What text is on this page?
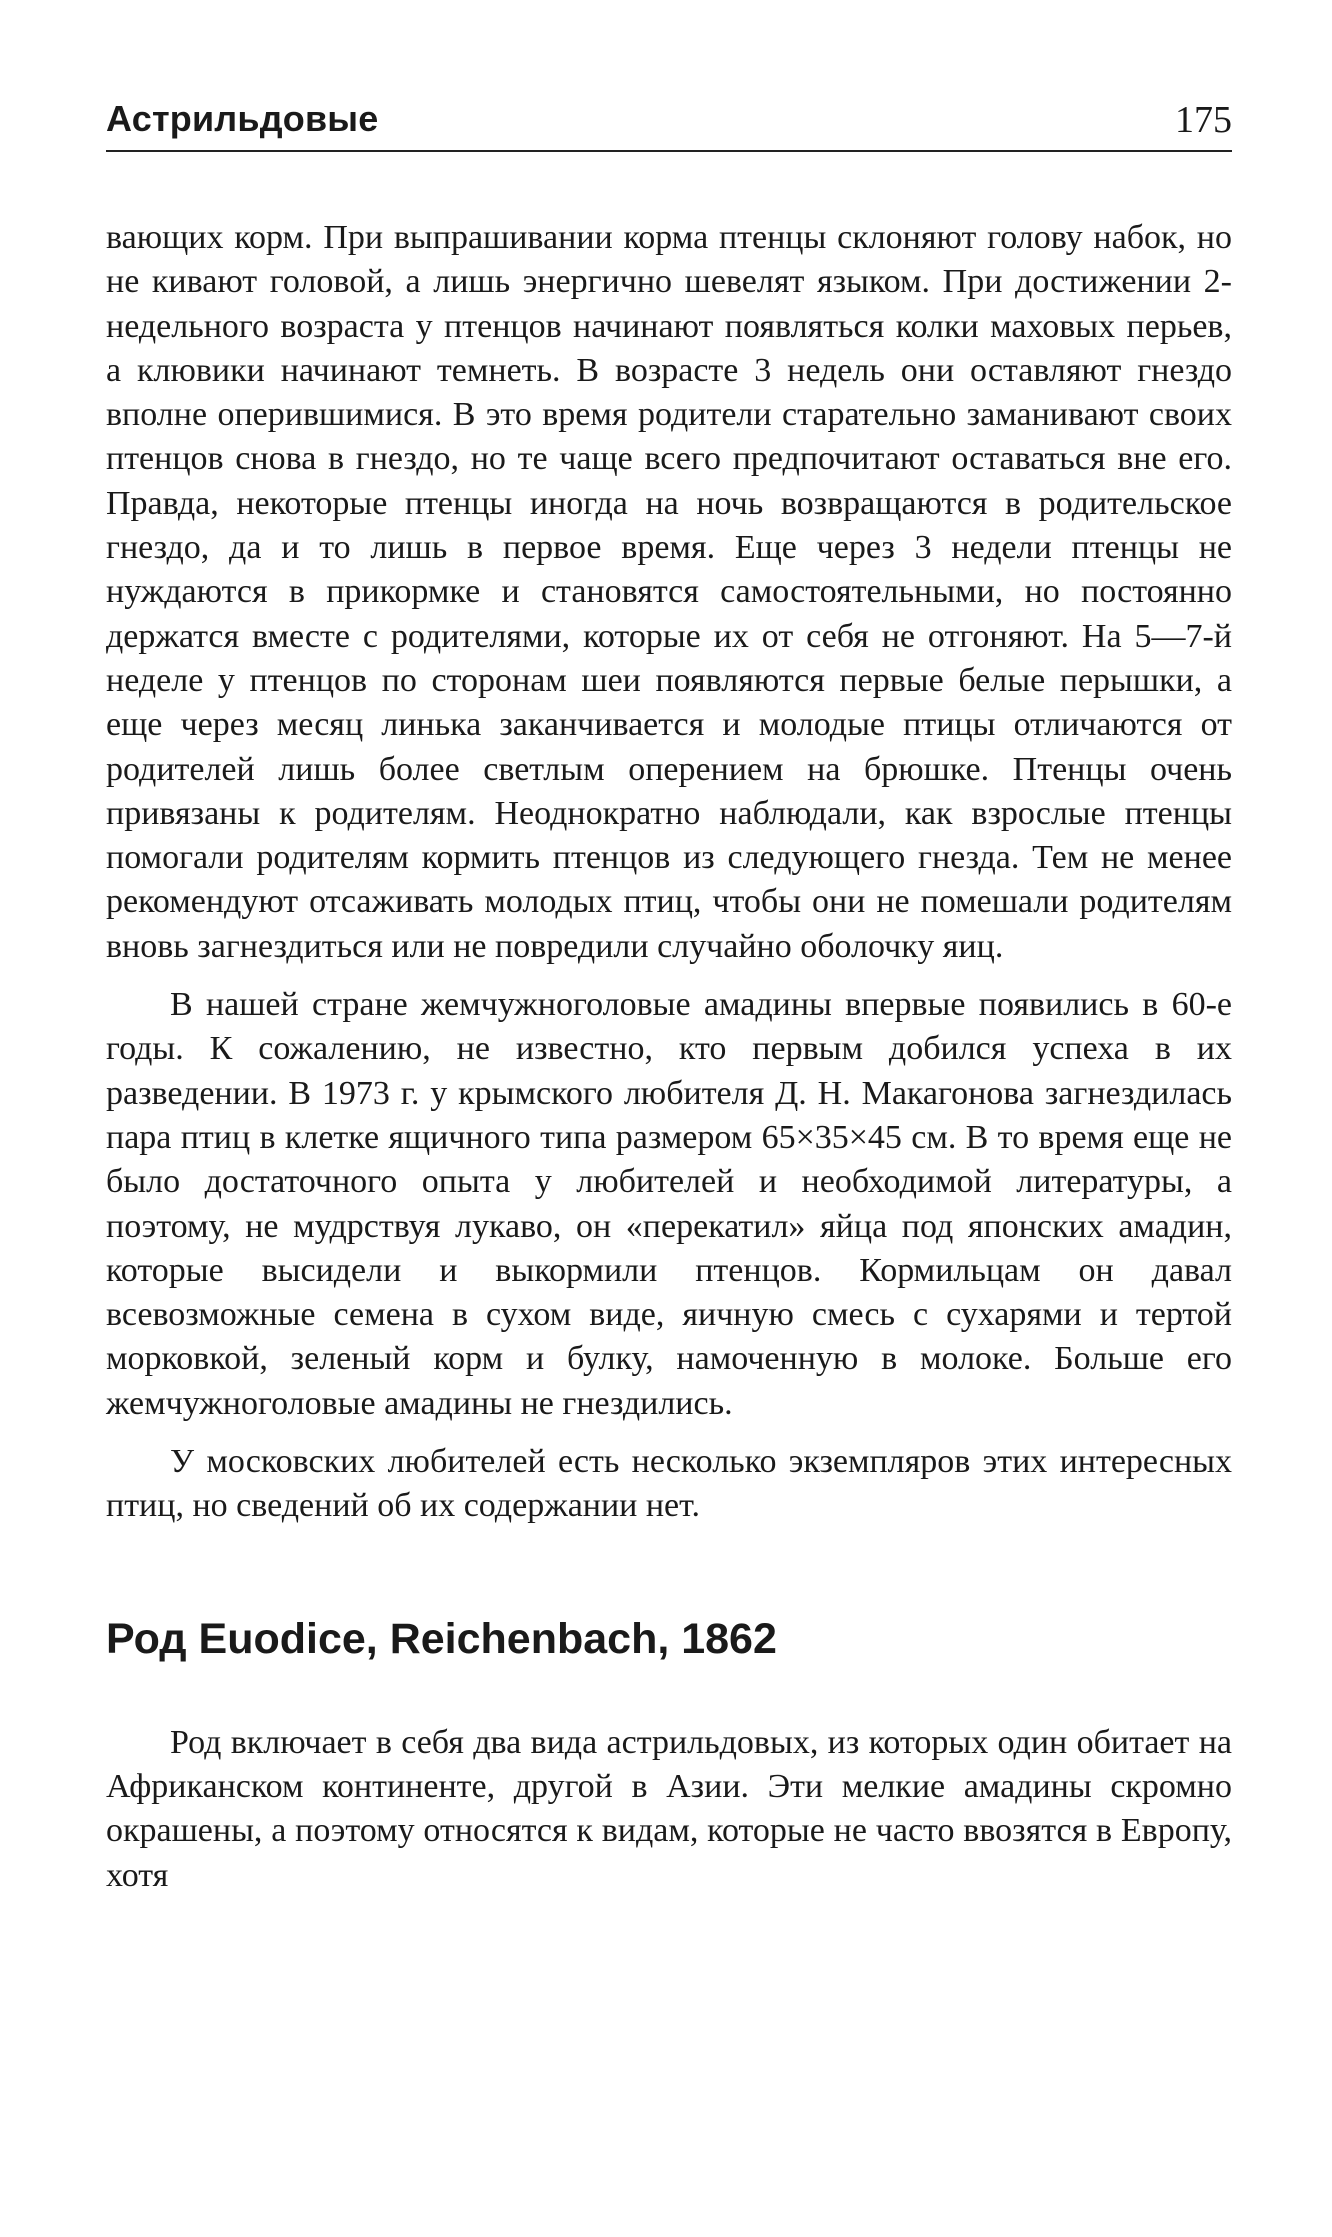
Астрильдовые	175

вающих корм. При выпрашивании корма птенцы склоняют голову набок, но не кивают головой, а лишь энергично шевелят языком. При достижении 2-недельного возраста у птенцов начинают появляться колки маховых перьев, а клювики начинают темнеть. В возрасте 3 недель они оставляют гнездо вполне оперившимися. В это время родители старательно заманивают своих птенцов снова в гнездо, но те чаще всего предпочитают оставаться вне его. Правда, некоторые птенцы иногда на ночь возвращаются в родительское гнездо, да и то лишь в первое время. Еще через 3 недели птенцы не нуждаются в прикормке и становятся самостоятельными, но постоянно держатся вместе с родителями, которые их от себя не отгоняют. На 5—7-й неделе у птенцов по сторонам шеи появляются первые белые перышки, а еще через месяц линька заканчивается и молодые птицы отличаются от родителей лишь более светлым оперением на брюшке. Птенцы очень привязаны к родителям. Неоднократно наблюдали, как взрослые птенцы помогали родителям кормить птенцов из следующего гнезда. Тем не менее рекомендуют отсаживать молодых птиц, чтобы они не помешали родителям вновь загнездиться или не повредили случайно оболочку яиц.

В нашей стране жемчужноголовые амадины впервые появились в 60-е годы. К сожалению, не известно, кто первым добился успеха в их разведении. В 1973 г. у крымского любителя Д. Н. Макагонова загнездилась пара птиц в клетке ящичного типа размером 65×35×45 см. В то время еще не было достаточного опыта у любителей и необходимой литературы, а поэтому, не мудрствуя лукаво, он «перекатил» яйца под японских амадин, которые высидели и выкормили птенцов. Кормильцам он давал всевозможные семена в сухом виде, яичную смесь с сухарями и тертой морковкой, зеленый корм и булку, намоченную в молоке. Больше его жемчужноголовые амадины не гнездились.

У московских любителей есть несколько экземпляров этих интересных птиц, но сведений об их содержании нет.

Род Euodice, Reichenbach, 1862

Род включает в себя два вида астрильдовых, из которых один обитает на Африканском континенте, другой в Азии. Эти мелкие амадины скромно окрашены, а поэтому относятся к видам, которые не часто ввозятся в Европу, хотя
